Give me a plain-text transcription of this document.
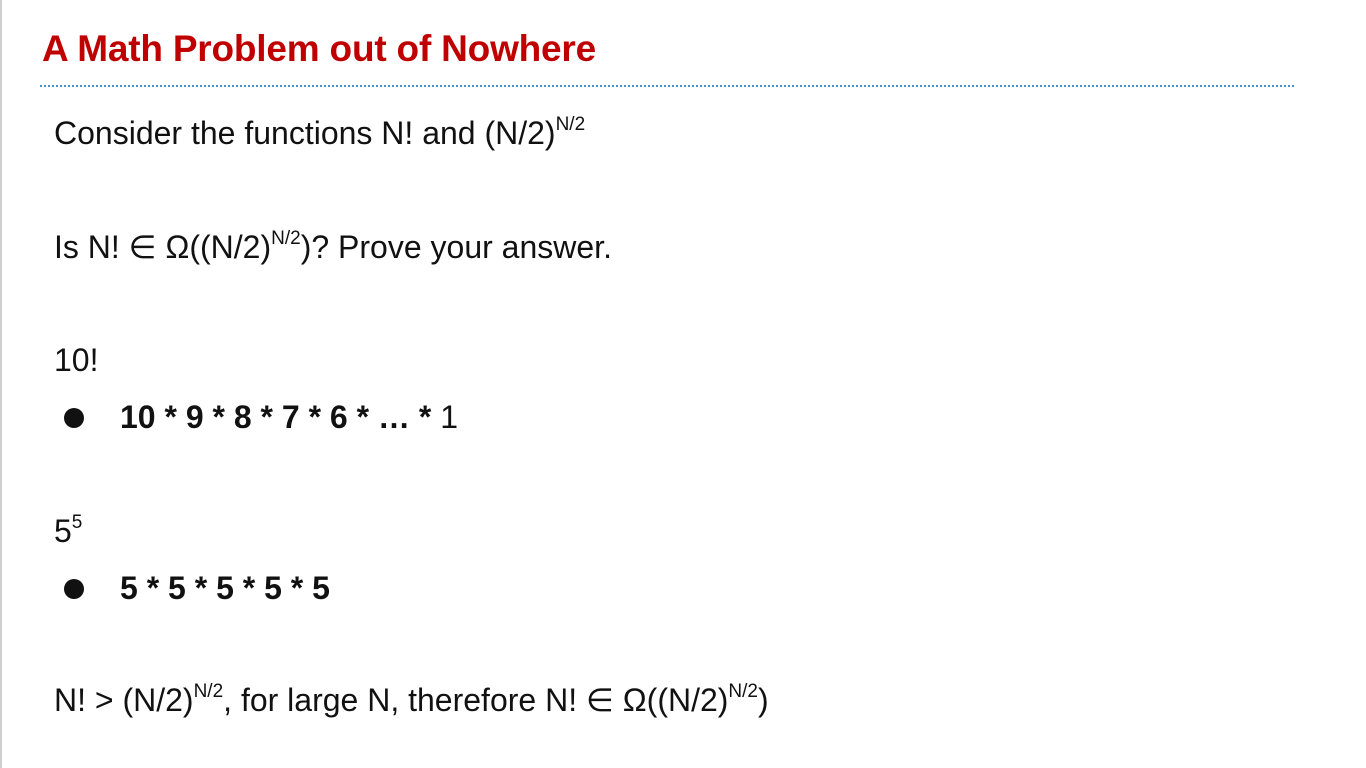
A Math Problem out of Nowhere
Consider the functions N! and $(N/2)^{N/2}$
Is N! ∈ $\Omega((N/2)^{N/2})$? Prove your answer.
10!
10 * 9 * 8 * 7 * 6 * … * 1
$5^5$
5 * 5 * 5 * 5 * 5
N! > $(N/2)^{N/2}$, for large N, therefore N! ∈ $\Omega((N/2)^{N/2})$
